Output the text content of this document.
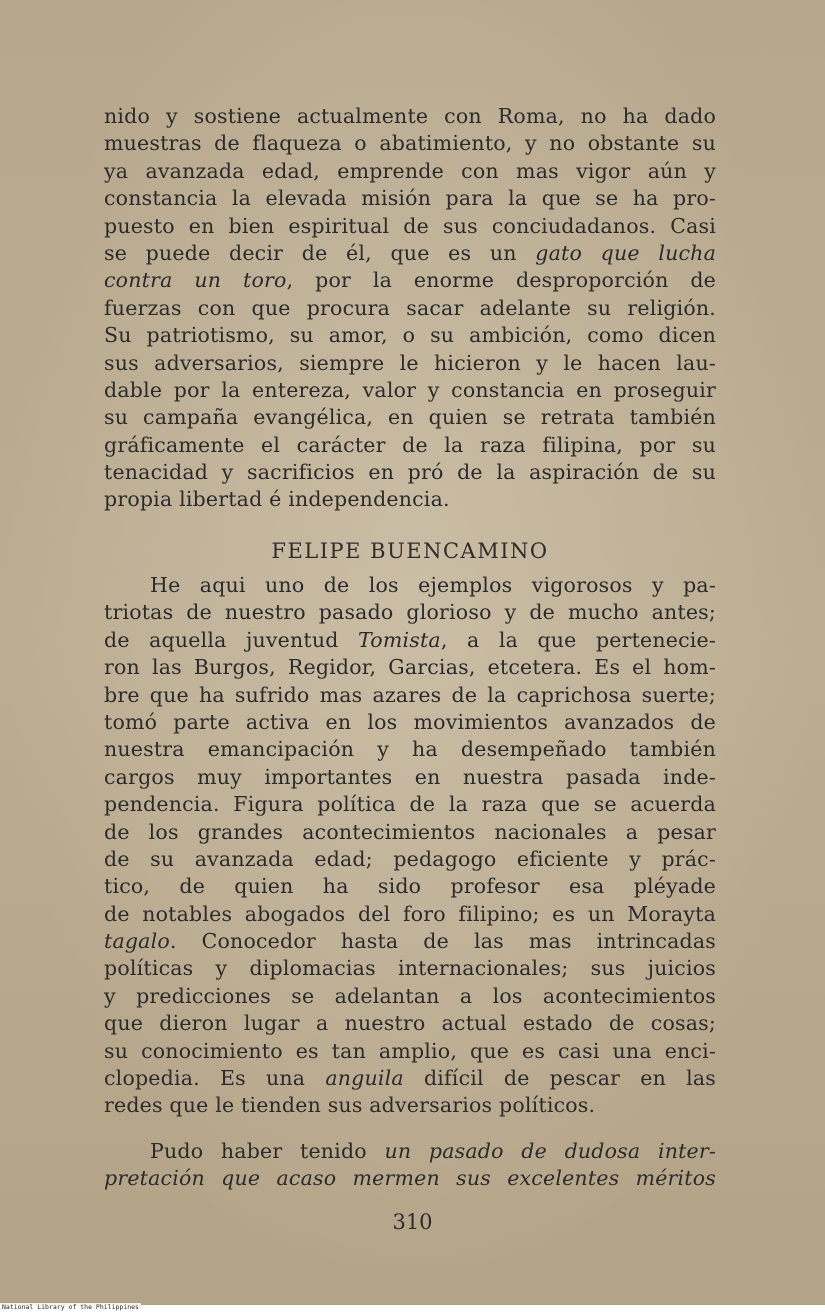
nido y sostiene actualmente con Roma, no ha dado
muestras de flaqueza o abatimiento, y no obstante su
ya avanzada edad, emprende con mas vigor aún y
constancia la elevada misión para la que se ha pro-
puesto en bien espiritual de sus conciudadanos. Casi
se puede decir de él, que es un gato que lucha
contra un toro, por la enorme desproporción de
fuerzas con que procura sacar adelante su religión.
Su patriotismo, su amor, o su ambición, como dicen
sus adversarios, siempre le hicieron y le hacen lau-
dable por la entereza, valor y constancia en proseguir
su campaña evangélica, en quien se retrata también
gráficamente el carácter de la raza filipina, por su
tenacidad y sacrificios en pró de la aspiración de su
propia libertad é independencia.
FELIPE BUENCAMINO
He aqui uno de los ejemplos vigorosos y pa-
triotas de nuestro pasado glorioso y de mucho antes;
de aquella juventud Tomista, a la que pertenecie-
ron las Burgos, Regidor, Garcias, etcetera. Es el hom-
bre que ha sufrido mas azares de la caprichosa suerte;
tomó parte activa en los movimientos avanzados de
nuestra emancipación y ha desempeñado también
cargos muy importantes en nuestra pasada inde-
pendencia. Figura política de la raza que se acuerda
de los grandes acontecimientos nacionales a pesar
de su avanzada edad; pedagogo eficiente y prác-
tico, de quien ha sido profesor esa pléyade
de notables abogados del foro filipino; es un Morayta
tagalo. Conocedor hasta de las mas intrincadas
políticas y diplomacias internacionales; sus juicios
y predicciones se adelantan a los acontecimientos
que dieron lugar a nuestro actual estado de cosas;
su conocimiento es tan amplio, que es casi una enci-
clopedia. Es una anguila difícil de pescar en las
redes que le tienden sus adversarios políticos.
Pudo haber tenido un pasado de dudosa inter-
pretación que acaso mermen sus excelentes méritos
310
National Library of the Philippines
